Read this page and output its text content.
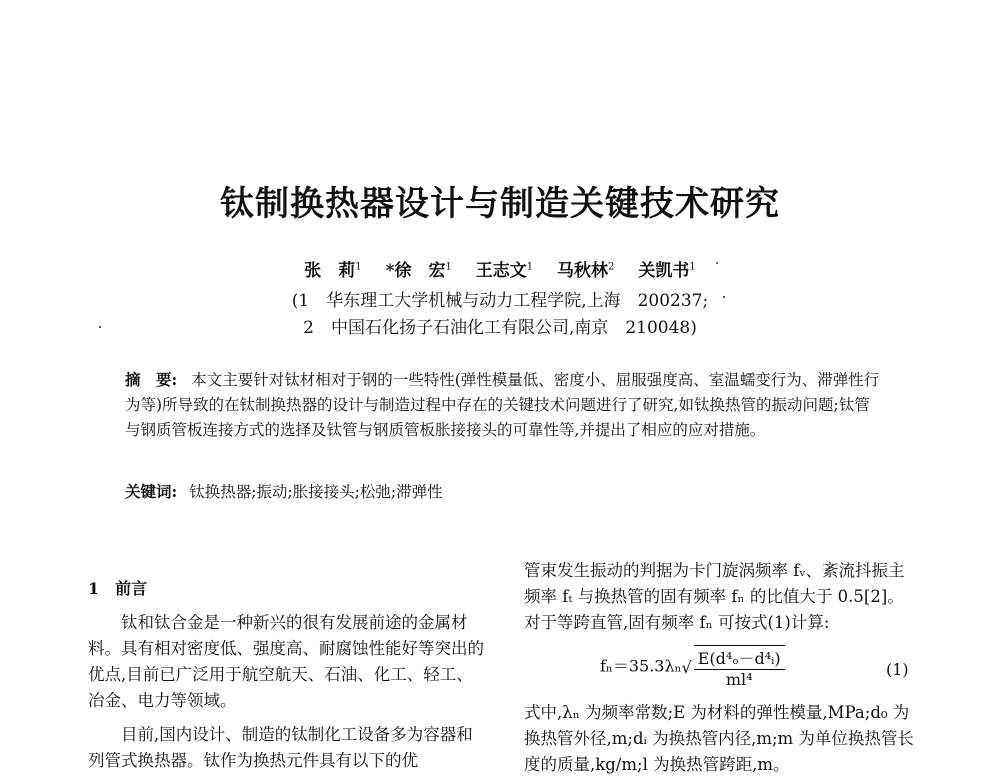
钛制换热器设计与制造关键技术研究
张　莉$^1$ *徐　宏$^1$ 王志文$^1$ 马秋林$^2$ 关凯书$^1$
(1　华东理工大学机械与动力工程学院,上海　200237;
2　中国石化扬子石油化工有限公司,南京　210048)
摘　要: 本文主要针对钛材相对于钢的一些特性(弹性模量低、密度小、屈服强度高、室温蠕变行为、滞弹性行为等)所导致的在钛制换热器的设计与制造过程中存在的关键技术问题进行了研究,如钛换热管的振动问题;钛管与钢质管板连接方式的选择及钛管与钢质管板胀接接头的可靠性等,并提出了相应的应对措施。
关键词: 钛换热器;振动;胀接接头;松弛;滞弹性
1　前言
　　钛和钛合金是一种新兴的很有发展前途的金属材料。具有相对密度低、强度高、耐腐蚀性能好等突出的优点,目前已广泛用于航空航天、石油、化工、轻工、冶金、电力等领域。
　　目前,国内设计、制造的钛制化工设备多为容器和列管式换热器。钛作为换热元件具有以下的优
管束发生振动的判据为卡门旋涡频率 fᵥ、紊流抖振主频率 fₜ 与换热管的固有频率 fₙ 的比值大于 0.5[2]。对于等跨直管,固有频率 fₙ 可按式(1)计算:
$f_n=35.3\lambda_n√ \frac{\text{E(d⁴ₒ－d⁴ᵢ)}}{\text{ml⁴}}$	(1)
式中,λₙ 为频率常数;E 为材料的弹性模量,MPa;d₀ 为换热管外径,m;dᵢ 为换热管内径,m;m 为单位换热管长度的质量,kg/m;l 为换热管跨距,m。
